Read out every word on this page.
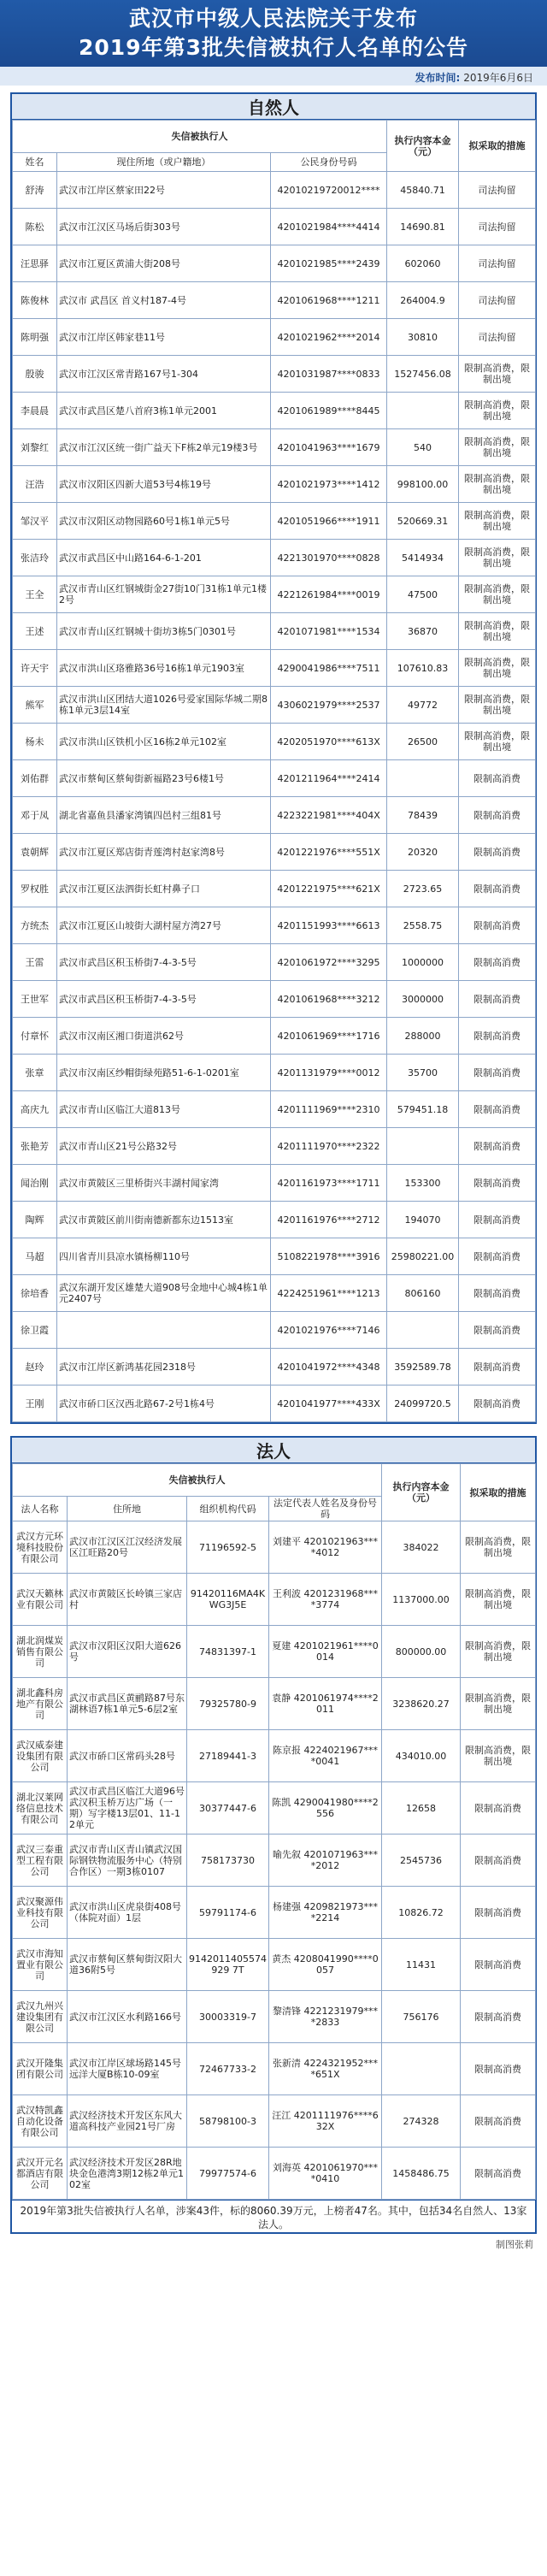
武汉市中级人民法院关于发布
2019年第3批失信被执行人名单的公告
发布时间: 2019年6月6日
自然人
失信被执行人			执行内容本金（元）	拟采取的措施
姓名	现住所地（或户籍地）	公民身份号码		
舒涛	武汉市江岸区蔡家田22号	42010219720012****	45840.71	司法拘留
陈松	武汉市江汉区马场后街303号	4201021984****4414	14690.81	司法拘留
汪思驿	武汉市江夏区黄浦大街208号	4201021985****2439	602060	司法拘留
陈俊林	武汉市 武昌区 首义村187-4号	4201061968****1211	264004.9	司法拘留
陈明强	武汉市江岸区韩家巷11号	4201021962****2014	30810	司法拘留
殷骏	武汉市江汉区常青路167号1-304	4201031987****0833	1527456.08	限制高消费，限制出境
李晨晨	武汉市武昌区楚八首府3栋1单元2001	4201061989****8445		限制高消费，限制出境
刘黎红	武汉市江汉区统一街广益天下F栋2单元19楼3号	4201041963****1679	540	限制高消费，限制出境
汪浩	武汉市汉阳区四新大道53号4栋19号	4201021973****1412	998100.00	限制高消费，限制出境
邹汉平	武汉市汉阳区动物园路60号1栋1单元5号	4201051966****1911	520669.31	限制高消费，限制出境
张洁玲	武汉市武昌区中山路164-6-1-201	4221301970****0828	5414934	限制高消费，限制出境
王全	武汉市青山区红钢城街金27街10门31栋1单元1楼2号	4221261984****0019	47500	限制高消费，限制出境
王述	武汉市青山区红钢城十街坊3栋5门0301号	4201071981****1534	36870	限制高消费，限制出境
许天宇	武汉市洪山区珞雅路36号16栋1单元1903室	4290041986****7511	107610.83	限制高消费，限制出境
熊军	武汉市洪山区团结大道1026号爱家国际华城二期8栋1单元3层14室	4306021979****2537	49772	限制高消费，限制出境
杨未	武汉市洪山区铁机小区16栋2单元102室	4202051970****613X	26500	限制高消费，限制出境
刘佑群	武汉市蔡甸区蔡甸街新福路23号6楼1号	4201211964****2414		限制高消费
邓于凤	湖北省嘉鱼县潘家湾镇四邑村三组81号	4223221981****404X	78439	限制高消费
袁朝辉	武汉市江夏区郑店街青莲湾村赵家湾8号	4201221976****551X	20320	限制高消费
罗权胜	武汉市江夏区法泗街长虹村鼻子口	4201221975****621X	2723.65	限制高消费
方统杰	武汉市江夏区山坡街大湖村屋方湾27号	4201151993****6613	2558.75	限制高消费
王雷	武汉市武昌区积玉桥街7-4-3-5号	4201061972****3295	1000000	限制高消费
王世军	武汉市武昌区积玉桥街7-4-3-5号	4201061968****3212	3000000	限制高消费
付章怀	武汉市汉南区湘口街道洪62号	4201061969****1716	288000	限制高消费
张章	武汉市汉南区纱帽街绿苑路51-6-1-0201室	4201131979****0012	35700	限制高消费
高庆九	武汉市青山区临江大道813号	4201111969****2310	579451.18	限制高消费
张艳芳	武汉市青山区21号公路32号	4201111970****2322		限制高消费
闻治刚	武汉市黄陂区三里桥街兴丰湖村闻家湾	4201161973****1711	153300	限制高消费
陶辉	武汉市黄陂区前川街南德新都东边1513室	4201161976****2712	194070	限制高消费
马超	四川省青川县凉水镇杨柳110号	5108221978****3916	25980221.00	限制高消费
徐培香	武汉东湖开发区雄楚大道908号金地中心城4栋1单元2407号	4224251961****1213	806160	限制高消费
徐卫霞		4201021976****7146		限制高消费
赵玲	武汉市江岸区新鸿基花园2318号	4201041972****4348	3592589.78	限制高消费
王刚	武汉市硚口区汉西北路67-2号1栋4号	4201041977****433X	24099720.5	限制高消费
法人
失信被执行人				执行内容本金（元）	拟采取的措施
法人名称	住所地	组织机构代码	法定代表人姓名及身份号码		
武汉方元环境科技股份有限公司	武汉市江汉区江汉经济发展区江旺路20号	71196592-5	刘建平 4201021963****4012	384022	限制高消费，限制出境
武汉天籁林业有限公司	武汉市黄陂区长岭镇三家店村	91420116MA4KWG3J5E	王利波 4201231968****3774	1137000.00	限制高消费，限制出境
湖北润煤炭销售有限公司	武汉市汉阳区汉阳大道626号	74831397-1	夏建 4201021961****0014	800000.00	限制高消费，限制出境
湖北鑫科房地产有限公司	武汉市武昌区黄鹂路87号东湖林语7栋1单元5-6层2室	79325780-9	袁静 4201061974****2011	3238620.27	限制高消费，限制出境
武汉威泰建设集团有限公司	武汉市硚口区常码头28号	27189441-3	陈京报 4224021967****0041	434010.00	限制高消费，限制出境
湖北汉莱网络信息技术有限公司	武汉市武昌区临江大道96号武汉积玉桥万达广场（一期）写字楼13层01、11-12单元	30377447-6	陈凯 4290041980****2556	12658	限制高消费
武汉三泰重型工程有限公司	武汉市青山区青山镇武汉国际钢铁物流服务中心（特别合作区）一期3栋0107	758173730	喻先叙 4201071963****2012	2545736	限制高消费
武汉聚源伟业科技有限公司	武汉市洪山区虎泉街408号（体院对面）1层	59791174-6	杨建强 4209821973****2214	10826.72	限制高消费
武汉市海知置业有限公司	武汉市蔡甸区蔡甸街汉阳大道36附5号	9142011405574929 7T	黄杰 4208041990****0057	11431	限制高消费
武汉九州兴建设集团有限公司	武汉市江汉区水利路166号	30003319-7	黎清锋 4221231979****2833	756176	限制高消费
武汉开隆集团有限公司	武汉市江岸区球场路145号远洋大厦B栋10-09室	72467733-2	张新清 4224321952****651X		限制高消费
武汉特凯鑫自动化设备有限公司	武汉经济技术开发区东风大道高科技产业园21号厂房	58798100-3	汪江 4201111976****632X	274328	限制高消费
武汉开元名都酒店有限公司	武汉经济技术开发区28R地块金色港湾3期12栋2单元102室	79977574-6	刘海英 4201061970****0410	1458486.75	限制高消费
2019年第3批失信被执行人名单，涉案43件，标的8060.39万元，上榜者47名。其中，包括34名自然人、13家法人。
制图张莉
